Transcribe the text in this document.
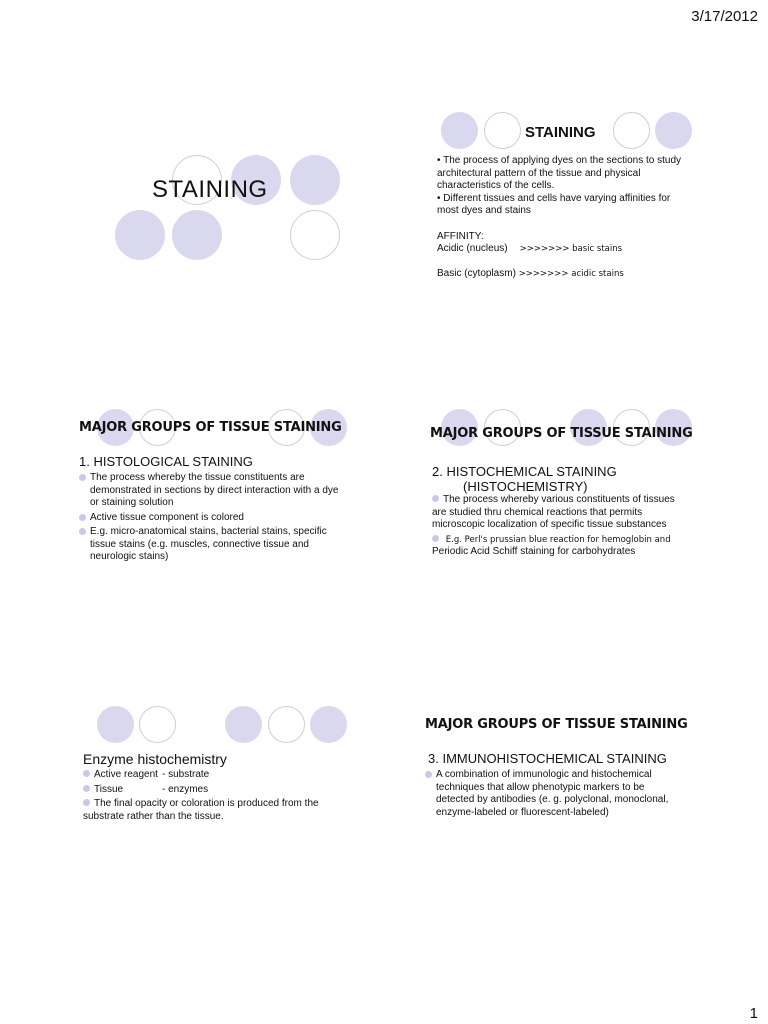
3/17/2012
STAINING
STAINING
• The process of applying dyes on the sections to study architectural pattern of the tissue and physical characteristics of the cells.
• Different tissues and cells have varying affinities for most dyes and stains
AFFINITY:
Acidic (nucleus) >>>>>>> basic stains
Basic (cytoplasm) >>>>>>> acidic stains
MAJOR GROUPS OF TISSUE STAINING
1. HISTOLOGICAL STAINING
The process whereby the tissue constituents are demonstrated in sections by direct interaction with a dye or staining solution
Active tissue component is colored
E.g. micro-anatomical stains, bacterial stains, specific tissue stains (e.g. muscles, connective tissue and neurologic stains)
MAJOR GROUPS OF TISSUE STAINING
2. HISTOCHEMICAL STAINING
(HISTOCHEMISTRY)
The process whereby various constituents of tissues are studied thru chemical reactions that permits microscopic localization of specific tissue substances
E.g. Perl's prussian blue reaction for hemoglobin and
Periodic Acid Schiff staining for carbohydrates
Enzyme histochemistry
Active reagent - substrate
Tissue	- enzymes
The final opacity or coloration is produced from the substrate rather than the tissue.
MAJOR GROUPS OF TISSUE STAINING
3. IMMUNOHISTOCHEMICAL STAINING
A combination of immunologic and histochemical techniques that allow phenotypic markers to be detected by antibodies (e. g. polyclonal, monoclonal, enzyme-labeled or fluorescent-labeled)
1
